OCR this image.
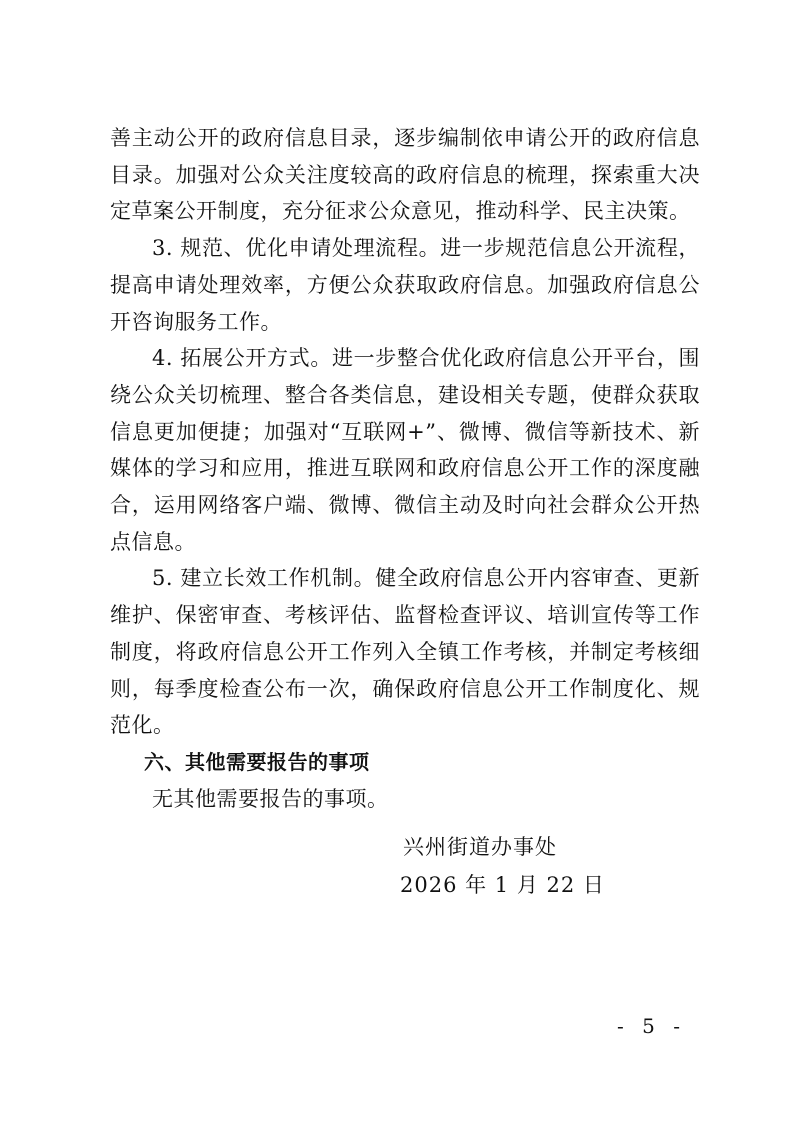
善主动公开的政府信息目录，逐步编制依申请公开的政府信息目录。加强对公众关注度较高的政府信息的梳理，探索重大决定草案公开制度，充分征求公众意见，推动科学、民主决策。

3. 规范、优化申请处理流程。进一步规范信息公开流程，提高申请处理效率，方便公众获取政府信息。加强政府信息公开咨询服务工作。

4. 拓展公开方式。进一步整合优化政府信息公开平台，围绕公众关切梳理、整合各类信息，建设相关专题，使群众获取信息更加便捷；加强对“互联网+”、微博、微信等新技术、新媒体的学习和应用，推进互联网和政府信息公开工作的深度融合，运用网络客户端、微博、微信主动及时向社会群众公开热点信息。

5. 建立长效工作机制。健全政府信息公开内容审查、更新维护、保密审查、考核评估、监督检查评议、培训宣传等工作制度，将政府信息公开工作列入全镇工作考核，并制定考核细则，每季度检查公布一次，确保政府信息公开工作制度化、规范化。

六、其他需要报告的事项

无其他需要报告的事项。

兴州街道办事处
2026 年 1 月 22 日
- 5 -
